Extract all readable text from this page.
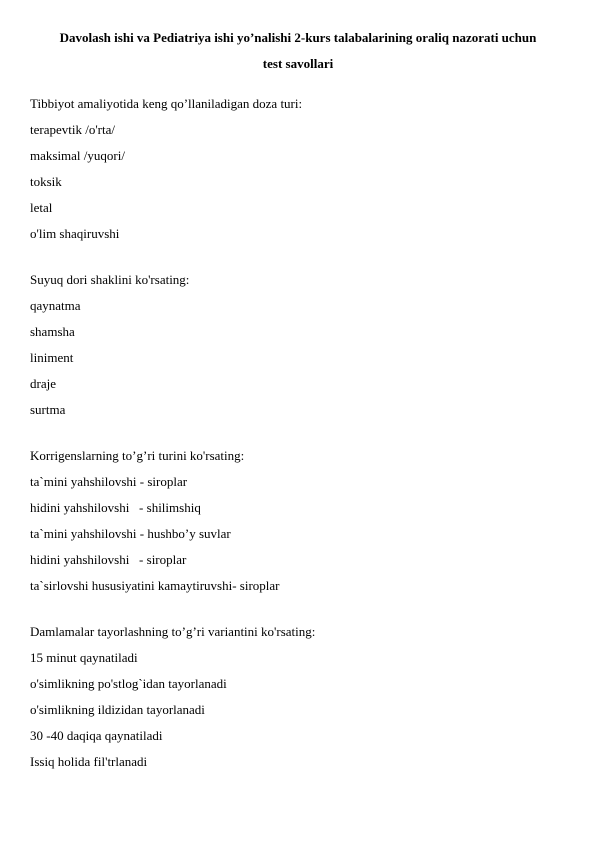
Davolash ishi va Pediatriya ishi yo’nalishi 2-kurs talabalarining oraliq nazorati uchun
test savollari
Tibbiyot amaliyotida keng qo’llaniladigan doza turi:
terapevtik /o'rta/
maksimal /yuqori/
toksik
letal
o'lim shaqiruvshi
Suyuq dori shaklini ko'rsating:
qaynatma
shamsha
liniment
draje
surtma
Korrigenslarning to’g’ri turini ko'rsating:
ta`mini yahshilovshi - siroplar
hidini yahshilovshi   - shilimshiq
ta`mini yahshilovshi - hushbo’y suvlar
hidini yahshilovshi   - siroplar
ta`sirlovshi hususiyatini kamaytiruvshi- siroplar
Damlamalar tayorlashning to’g’ri variantini ko'rsating:
15 minut qaynatiladi
o'simlikning po'stlog`idan tayorlanadi
o'simlikning ildizidan tayorlanadi
30 -40 daqiqa qaynatiladi
Issiq holida fil'trlanadi
